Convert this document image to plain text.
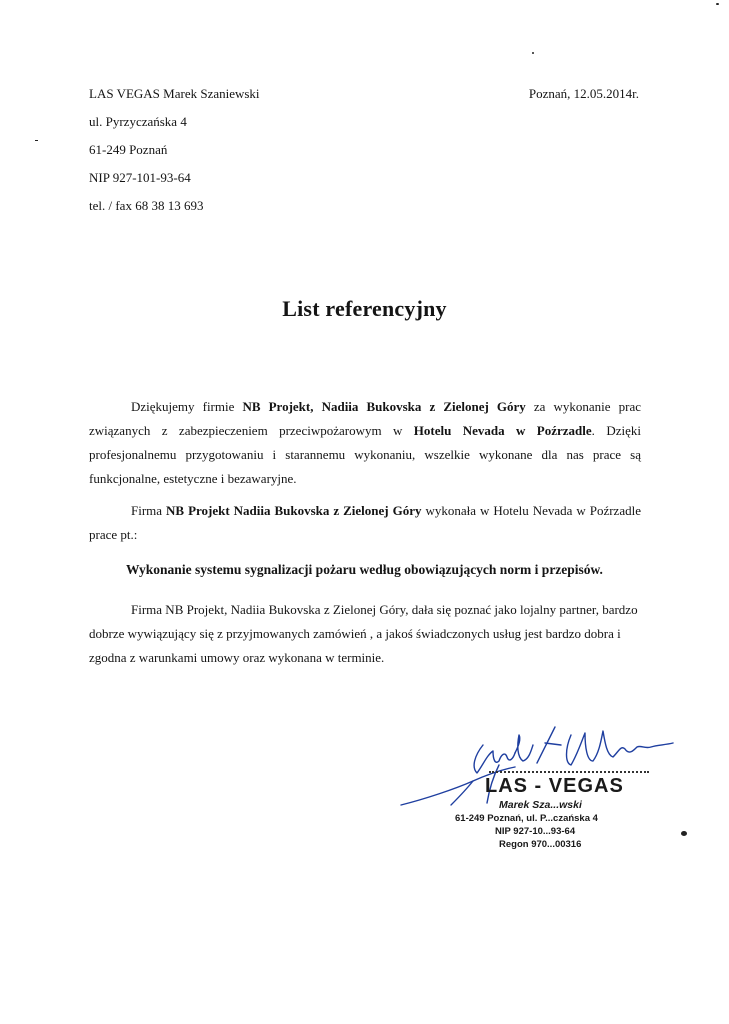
LAS VEGAS Marek Szaniewski
ul. Pyrzyczańska 4
61-249 Poznań
NIP 927-101-93-64
tel. / fax 68 38 13 693
Poznań, 12.05.2014r.
List referencyjny
Dziękujemy firmie NB Projekt, Nadiia Bukovska z Zielonej Góry za wykonanie prac związanych z zabezpieczeniem przeciwpożarowym w Hotelu Nevada w Poźrzadle. Dzięki profesjonalnemu przygotowaniu i starannemu wykonaniu, wszelkie wykonane dla nas prace są funkcjonalne, estetyczne i bezawaryjne.
Firma NB Projekt Nadiia Bukovska z Zielonej Góry wykonała w Hotelu Nevada w Poźrzadle prace pt.:
Wykonanie systemu sygnalizacji pożaru według obowiązujących norm i przepisów.
Firma NB Projekt, Nadiia Bukovska z Zielonej Góry, dała się poznać jako lojalny partner, bardzo dobrze wywiązujący się z przyjmowanych zamówień , a jakoś świadczonych usług jest bardzo dobra i zgodna z warunkami umowy oraz wykonana w terminie.
LAS - VEGAS
Marek Sza...wski
61-249 Poznań, ul. P...czańska 4
NIP 927-10...93-64
Regon 970...00316
